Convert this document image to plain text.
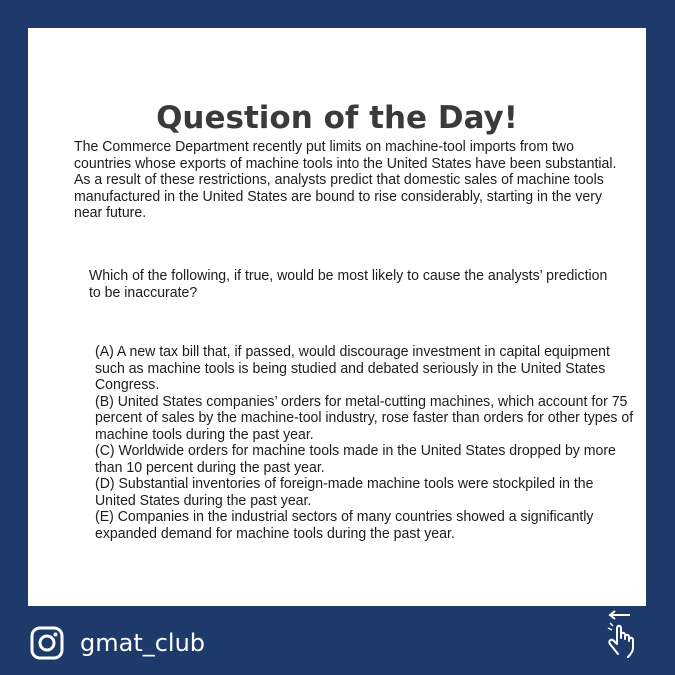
Question of the Day!

The Commerce Department recently put limits on machine-tool imports from two countries whose exports of machine tools into the United States have been substantial. As a result of these restrictions, analysts predict that domestic sales of machine tools manufactured in the United States are bound to rise considerably, starting in the very near future.

Which of the following, if true, would be most likely to cause the analysts’ prediction to be inaccurate?

(A) A new tax bill that, if passed, would discourage investment in capital equipment such as machine tools is being studied and debated seriously in the United States Congress.
(B) United States companies’ orders for metal-cutting machines, which account for 75 percent of sales by the machine-tool industry, rose faster than orders for other types of machine tools during the past year.
(C) Worldwide orders for machine tools made in the United States dropped by more than 10 percent during the past year.
(D) Substantial inventories of foreign-made machine tools were stockpiled in the United States during the past year.
(E) Companies in the industrial sectors of many countries showed a significantly expanded demand for machine tools during the past year.
gmat_club
